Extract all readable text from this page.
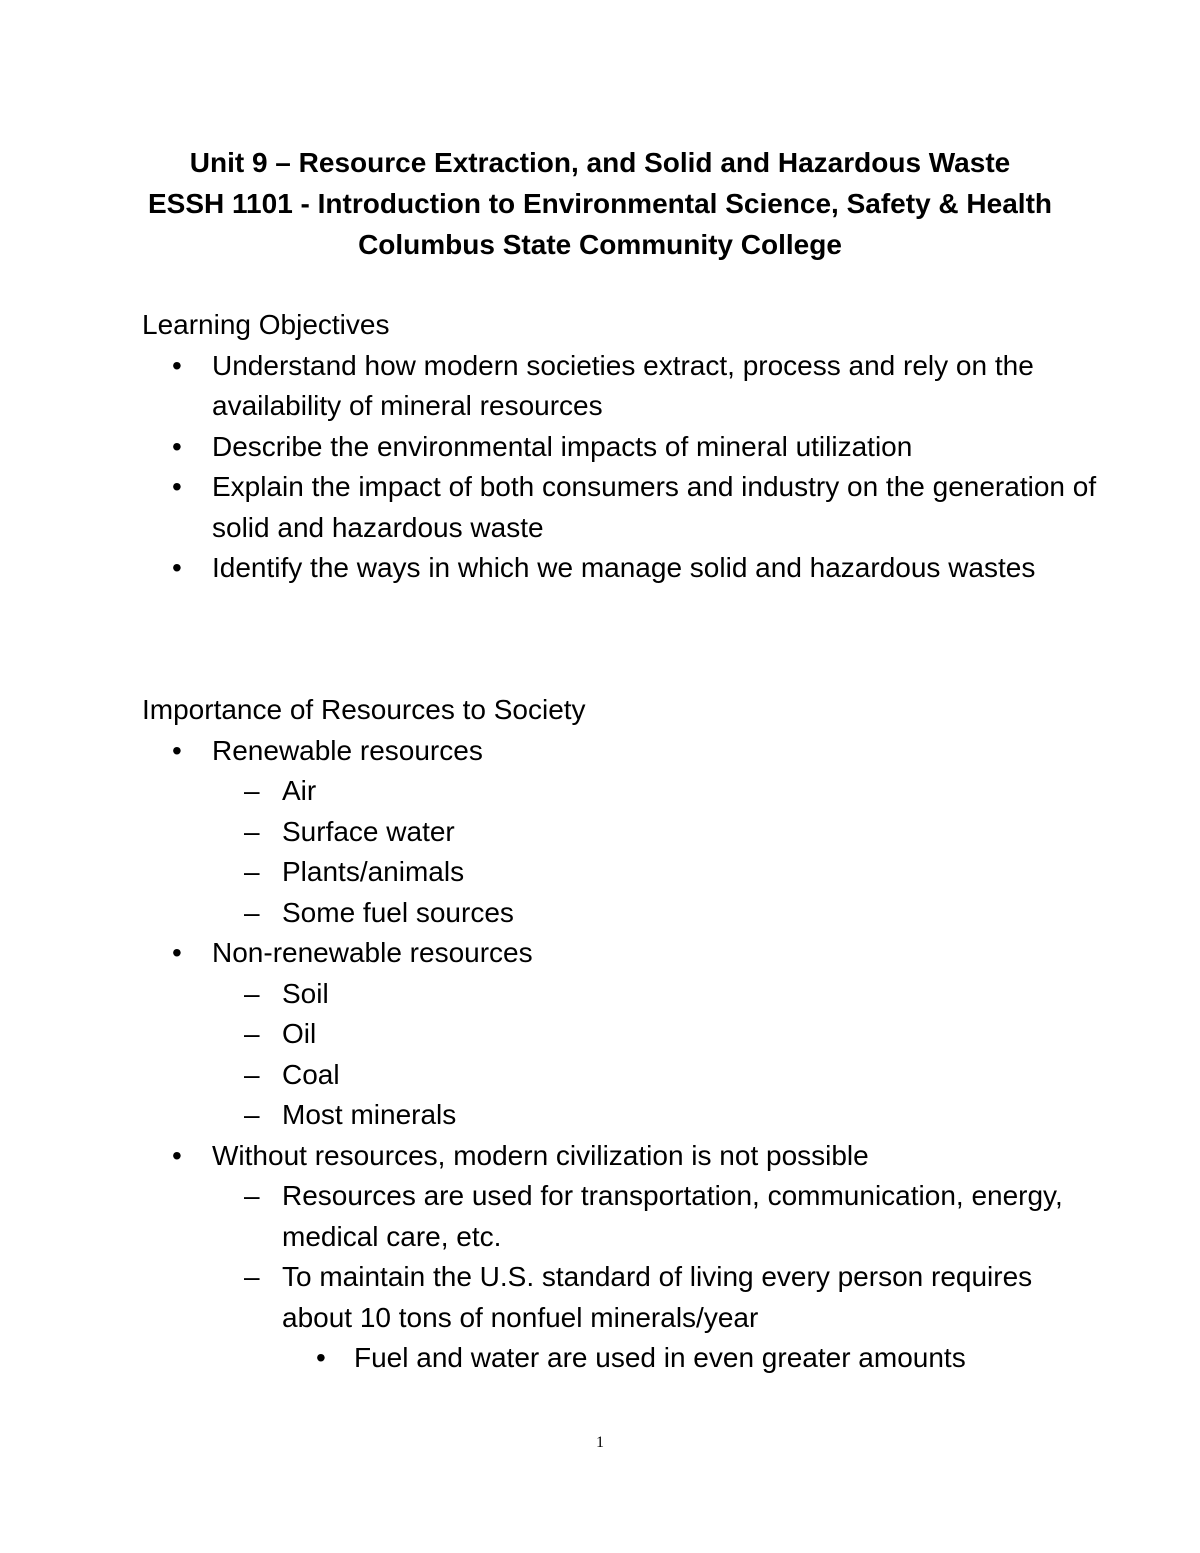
Unit 9 – Resource Extraction, and Solid and Hazardous Waste
ESSH 1101 - Introduction to Environmental Science, Safety & Health
Columbus State Community College
Learning Objectives
• Understand how modern societies extract, process and rely on the availability of mineral resources
• Describe the environmental impacts of mineral utilization
• Explain the impact of both consumers and industry on the generation of solid and hazardous waste
• Identify the ways in which we manage solid and hazardous wastes
Importance of Resources to Society
• Renewable resources
– Air
– Surface water
– Plants/animals
– Some fuel sources
• Non-renewable resources
– Soil
– Oil
– Coal
– Most minerals
• Without resources, modern civilization is not possible
– Resources are used for transportation, communication, energy, medical care, etc.
– To maintain the U.S. standard of living every person requires about 10 tons of nonfuel minerals/year
• Fuel and water are used in even greater amounts
1
